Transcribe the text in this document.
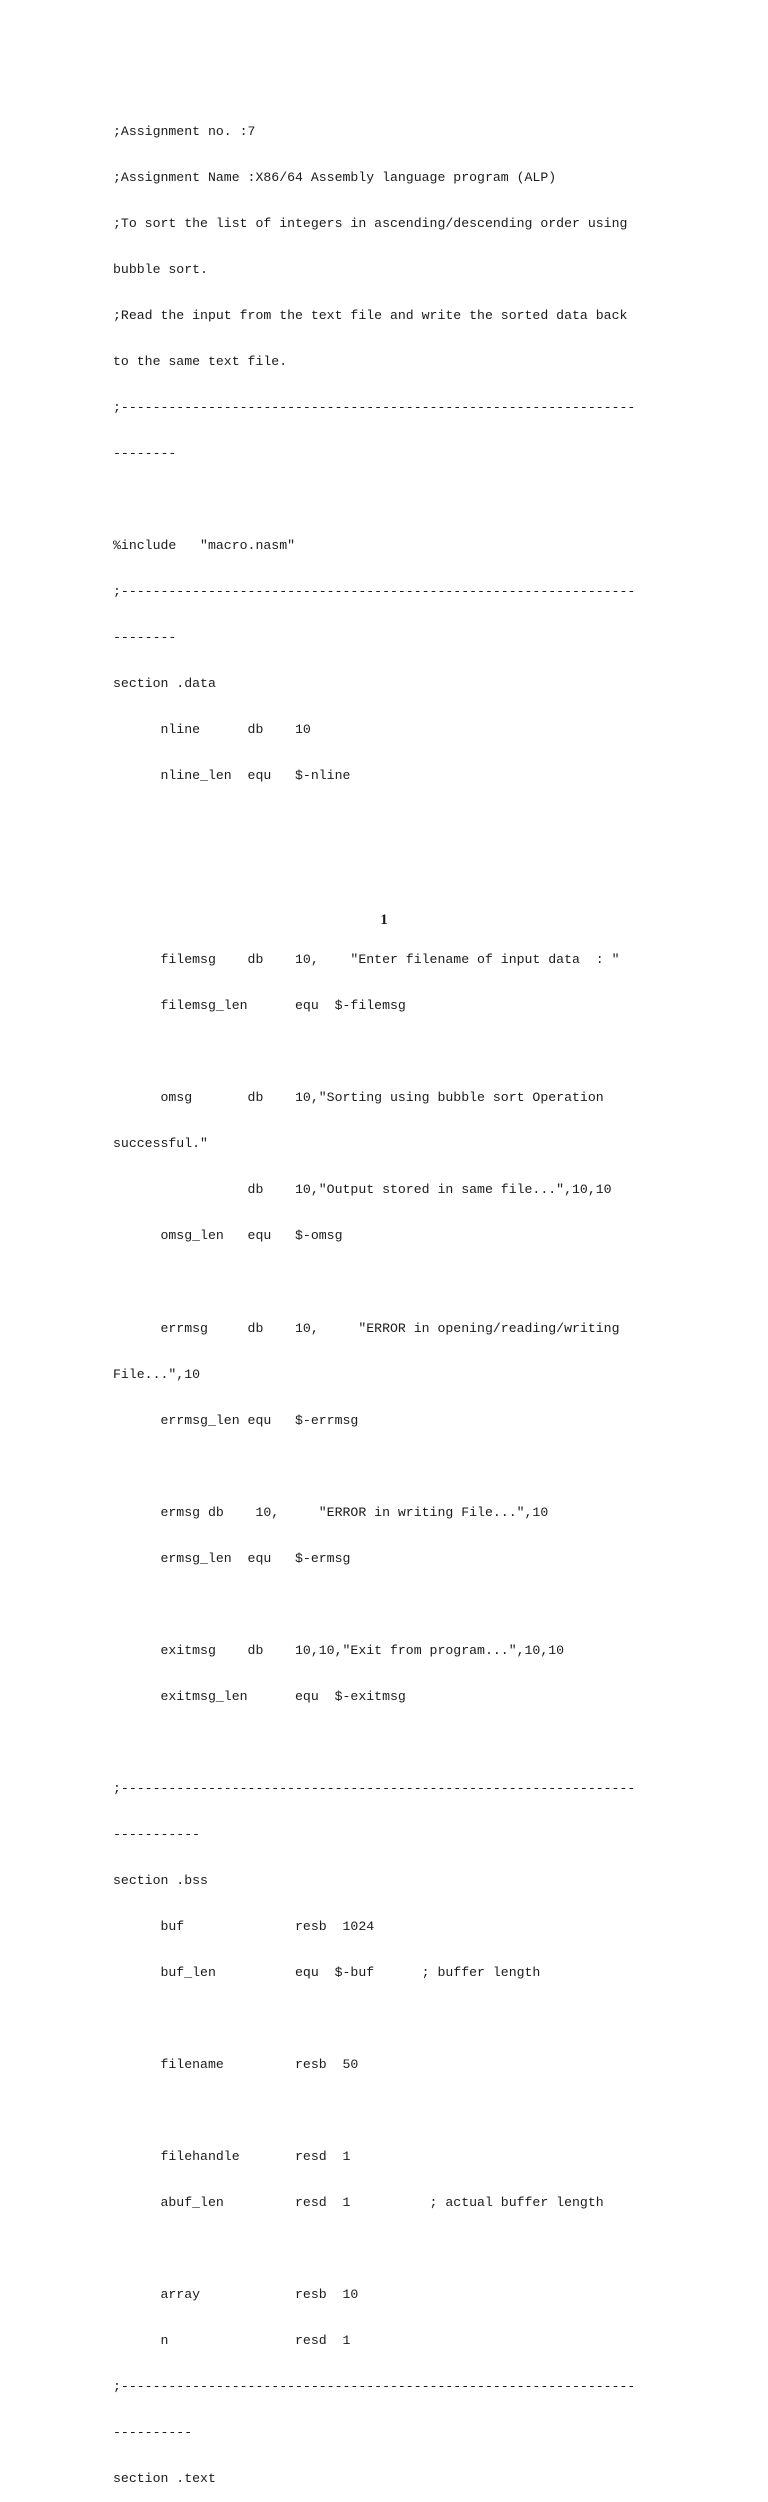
;Assignment no. :7

;Assignment Name :X86/64 Assembly language program (ALP)

;To sort the list of integers in ascending/descending order using

bubble sort.

;Read the input from the text file and write the sorted data back

to the same text file.

;-----------------------------------------------------------------

--------

%include   "macro.nasm"

;-----------------------------------------------------------------

--------

section .data

nline      db    10

nline_len  equ   $-nline

filemsg    db    10,    "Enter filename of input data  : "

filemsg_len      equ  $-filemsg

omsg       db    10,"Sorting using bubble sort Operation

successful."

db    10,"Output stored in same file...",10,10

omsg_len   equ   $-omsg

errmsg     db    10,     "ERROR in opening/reading/writing

File...",10

errmsg_len equ   $-errmsg

ermsg db    10,     "ERROR in writing File...",10

ermsg_len  equ   $-ermsg

exitmsg    db    10,10,"Exit from program...",10,10

exitmsg_len      equ  $-exitmsg

;-----------------------------------------------------------------

-----------

section .bss

buf              resb  1024

buf_len          equ  $-buf      ; buffer length

filename         resb  50

filehandle       resd  1

abuf_len         resd  1          ; actual buffer length

array            resb  10

n                resd  1

;-----------------------------------------------------------------

----------

section .text

1
